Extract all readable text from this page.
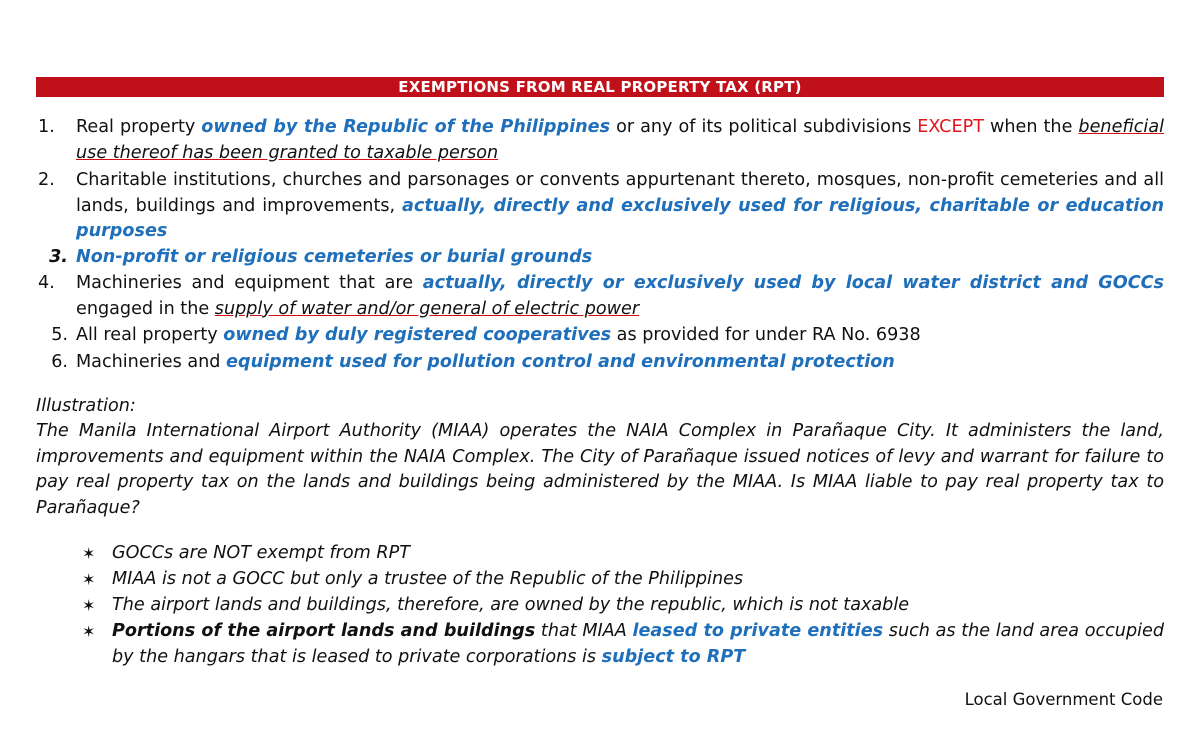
EXEMPTIONS FROM REAL PROPERTY TAX (RPT)
1.	Real property owned by the Republic of the Philippines or any of its political subdivisions EXCEPT when the beneficial use thereof has been granted to taxable person
2.	Charitable institutions, churches and parsonages or convents appurtenant thereto, mosques, non-profit cemeteries and all lands, buildings and improvements, actually, directly and exclusively used for religious, charitable or education purposes
3. Non-profit or religious cemeteries or burial grounds
4.	Machineries and equipment that are actually, directly or exclusively used by local water district and GOCCs engaged in the supply of water and/or general of electric power
5. All real property owned by duly registered cooperatives as provided for under RA No. 6938
6. Machineries and equipment used for pollution control and environmental protection
Illustration:
The Manila International Airport Authority (MIAA) operates the NAIA Complex in Parañaque City. It administers the land, improvements and equipment within the NAIA Complex. The City of Parañaque issued notices of levy and warrant for failure to pay real property tax on the lands and buildings being administered by the MIAA. Is MIAA liable to pay real property tax to Parañaque?
✶ GOCCs are NOT exempt from RPT
✶ MIAA is not a GOCC but only a trustee of the Republic of the Philippines
✶ The airport lands and buildings, therefore, are owned by the republic, which is not taxable
✶ Portions of the airport lands and buildings that MIAA leased to private entities such as the land area occupied by the hangars that is leased to private corporations is subject to RPT
Local Government Code
